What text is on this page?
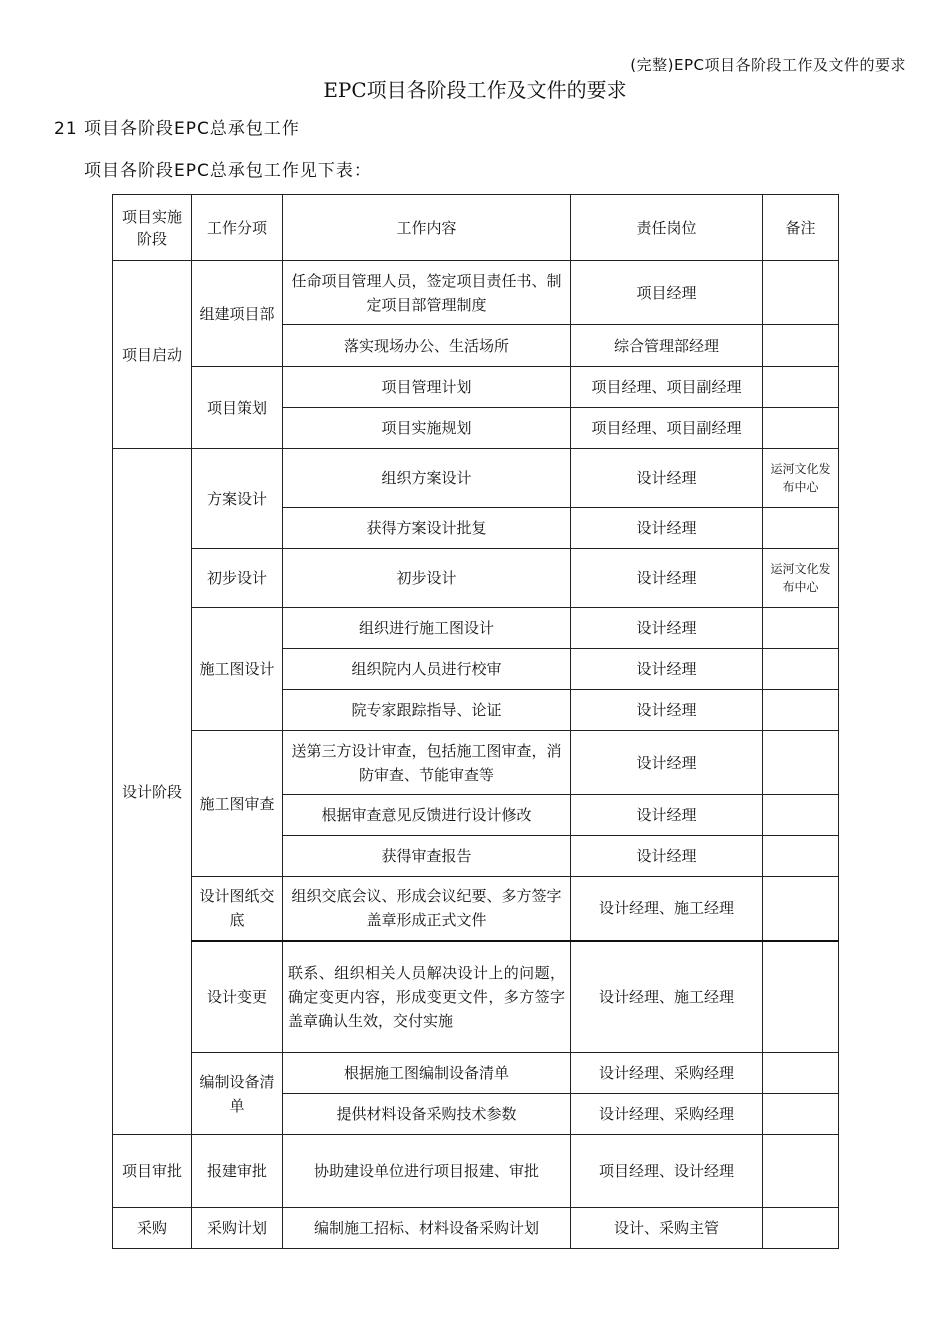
(完整)EPC项目各阶段工作及文件的要求
EPC项目各阶段工作及文件的要求
21 项目各阶段EPC总承包工作
项目各阶段EPC总承包工作见下表：
项目实施阶段	工作分项	工作内容	责任岗位	备注
项目启动	组建项目部	任命项目管理人员，签定项目责任书、制定项目部管理制度	项目经理	
		落实现场办公、生活场所	综合管理部经理	
	项目策划	项目管理计划	项目经理、项目副经理	
		项目实施规划	项目经理、项目副经理	
设计阶段	方案设计	组织方案设计	设计经理	运河文化发布中心
		获得方案设计批复	设计经理	
	初步设计	初步设计	设计经理	运河文化发布中心
	施工图设计	组织进行施工图设计	设计经理	
		组织院内人员进行校审	设计经理	
		院专家跟踪指导、论证	设计经理	
	施工图审查	送第三方设计审查，包括施工图审查，消防审查、节能审查等	设计经理	
		根据审查意见反馈进行设计修改	设计经理	
		获得审查报告	设计经理	
	设计图纸交底	组织交底会议、形成会议纪要、多方签字盖章形成正式文件	设计经理、施工经理	
	设计变更	联系、组织相关人员解决设计上的问题，确定变更内容，形成变更文件，多方签字盖章确认生效，交付实施	设计经理、施工经理	
	编制设备清单	根据施工图编制设备清单	设计经理、采购经理	
		提供材料设备采购技术参数	设计经理、采购经理	
项目审批	报建审批	协助建设单位进行项目报建、审批	项目经理、设计经理	
采购	采购计划	编制施工招标、材料设备采购计划	设计、采购主管	
